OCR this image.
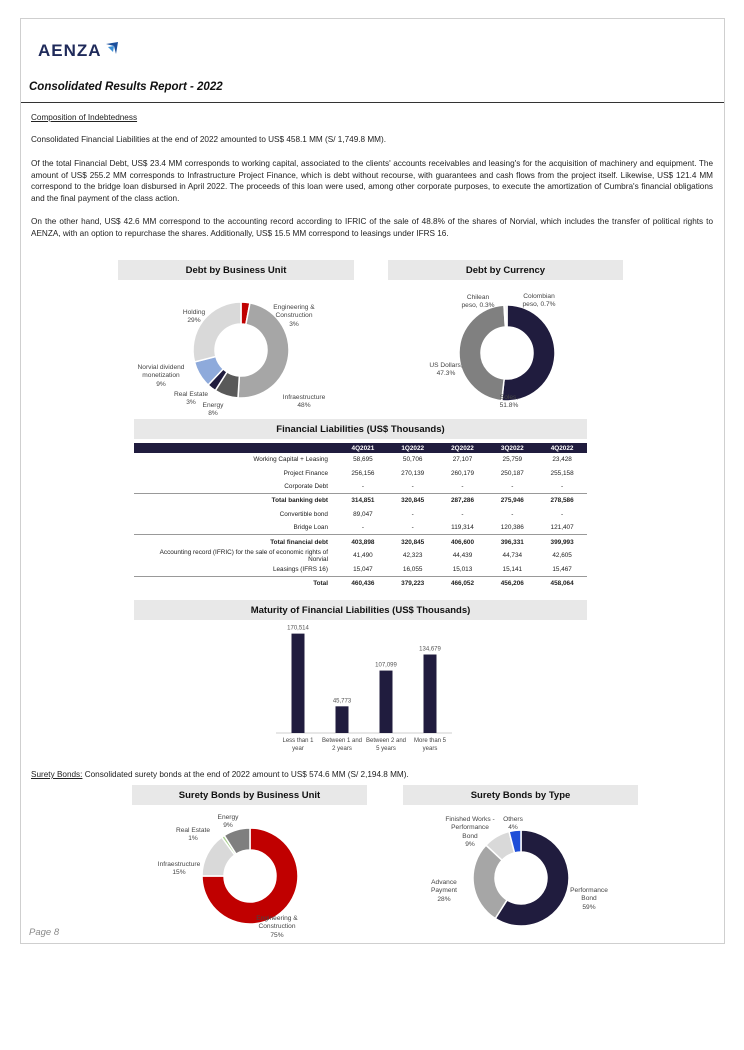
AENZA
Consolidated Results Report - 2022
Composition of Indebtedness
Consolidated Financial Liabilities at the end of 2022 amounted to US$ 458.1 MM (S/ 1,749.8 MM).
Of the total Financial Debt, US$ 23.4 MM corresponds to working capital, associated to the clients' accounts receivables and leasing's for the acquisition of machinery and equipment. The amount of US$ 255.2 MM corresponds to Infrastructure Project Finance, which is debt without recourse, with guarantees and cash flows from the project itself. Likewise, US$ 121.4 MM correspond to the bridge loan disbursed in April 2022. The proceeds of this loan were used, among other corporate purposes, to execute the amortization of Cumbra's financial obligations and the final payment of the class action.
On the other hand, US$ 42.6 MM correspond to the accounting record according to IFRIC of the sale of 48.8% of the shares of Norvial, which includes the transfer of political rights to AENZA, with an option to repurchase the shares. Additionally, US$ 15.5 MM correspond to leasings under IFRS 16.
Debt by Business Unit
Engineering &
Construction
3%
Infraestructure
48%
Energy
8%
Real Estate
3%
Norvial dividend
monetization
9%
Holding
29%
Debt by Currency
Soles,
51.8%
US Dollars,
47.3%
Chilean
peso, 0.3%
Colombian
peso, 0.7%
Financial Liabilities (US$ Thousands)
	4Q2021	1Q2022	2Q2022	3Q2022	4Q2022
Working Capital + Leasing	58,695	50,706	27,107	25,759	23,428
Project Finance	256,156	270,139	260,179	250,187	255,158
Corporate Debt	-	-	-	-	-
Total banking debt	314,851	320,845	287,286	275,946	278,586
Convertible bond	89,047	-	-	-	-
Bridge Loan	-	-	119,314	120,386	121,407
Total financial debt	403,898	320,845	406,600	396,331	399,993
Accounting record (IFRIC) for the sale of economic rights of Norvial	41,490	42,323	44,439	44,734	42,605
Leasings (IFRS 16)	15,047	16,055	15,013	15,141	15,467
Total	460,436	379,223	466,052	456,206	458,064
Maturity of Financial Liabilities (US$ Thousands)
170,514
45,773
107,099
134,679
Less than 1 year
Between 1 and 2 years
Between 2 and 5 years
More than 5 years
Surety Bonds: Consolidated surety bonds at the end of 2022 amount to US$ 574.6 MM (S/ 2,194.8 MM).
Surety Bonds by Business Unit
Engineering &
Construction
75%
Infraestructure
15%
Real Estate
1%
Energy
9%
Surety Bonds by Type
Performance
Bond
59%
Advance
Payment
28%
Finished Works -
Performance
Bond
9%
Others
4%
Page 8
